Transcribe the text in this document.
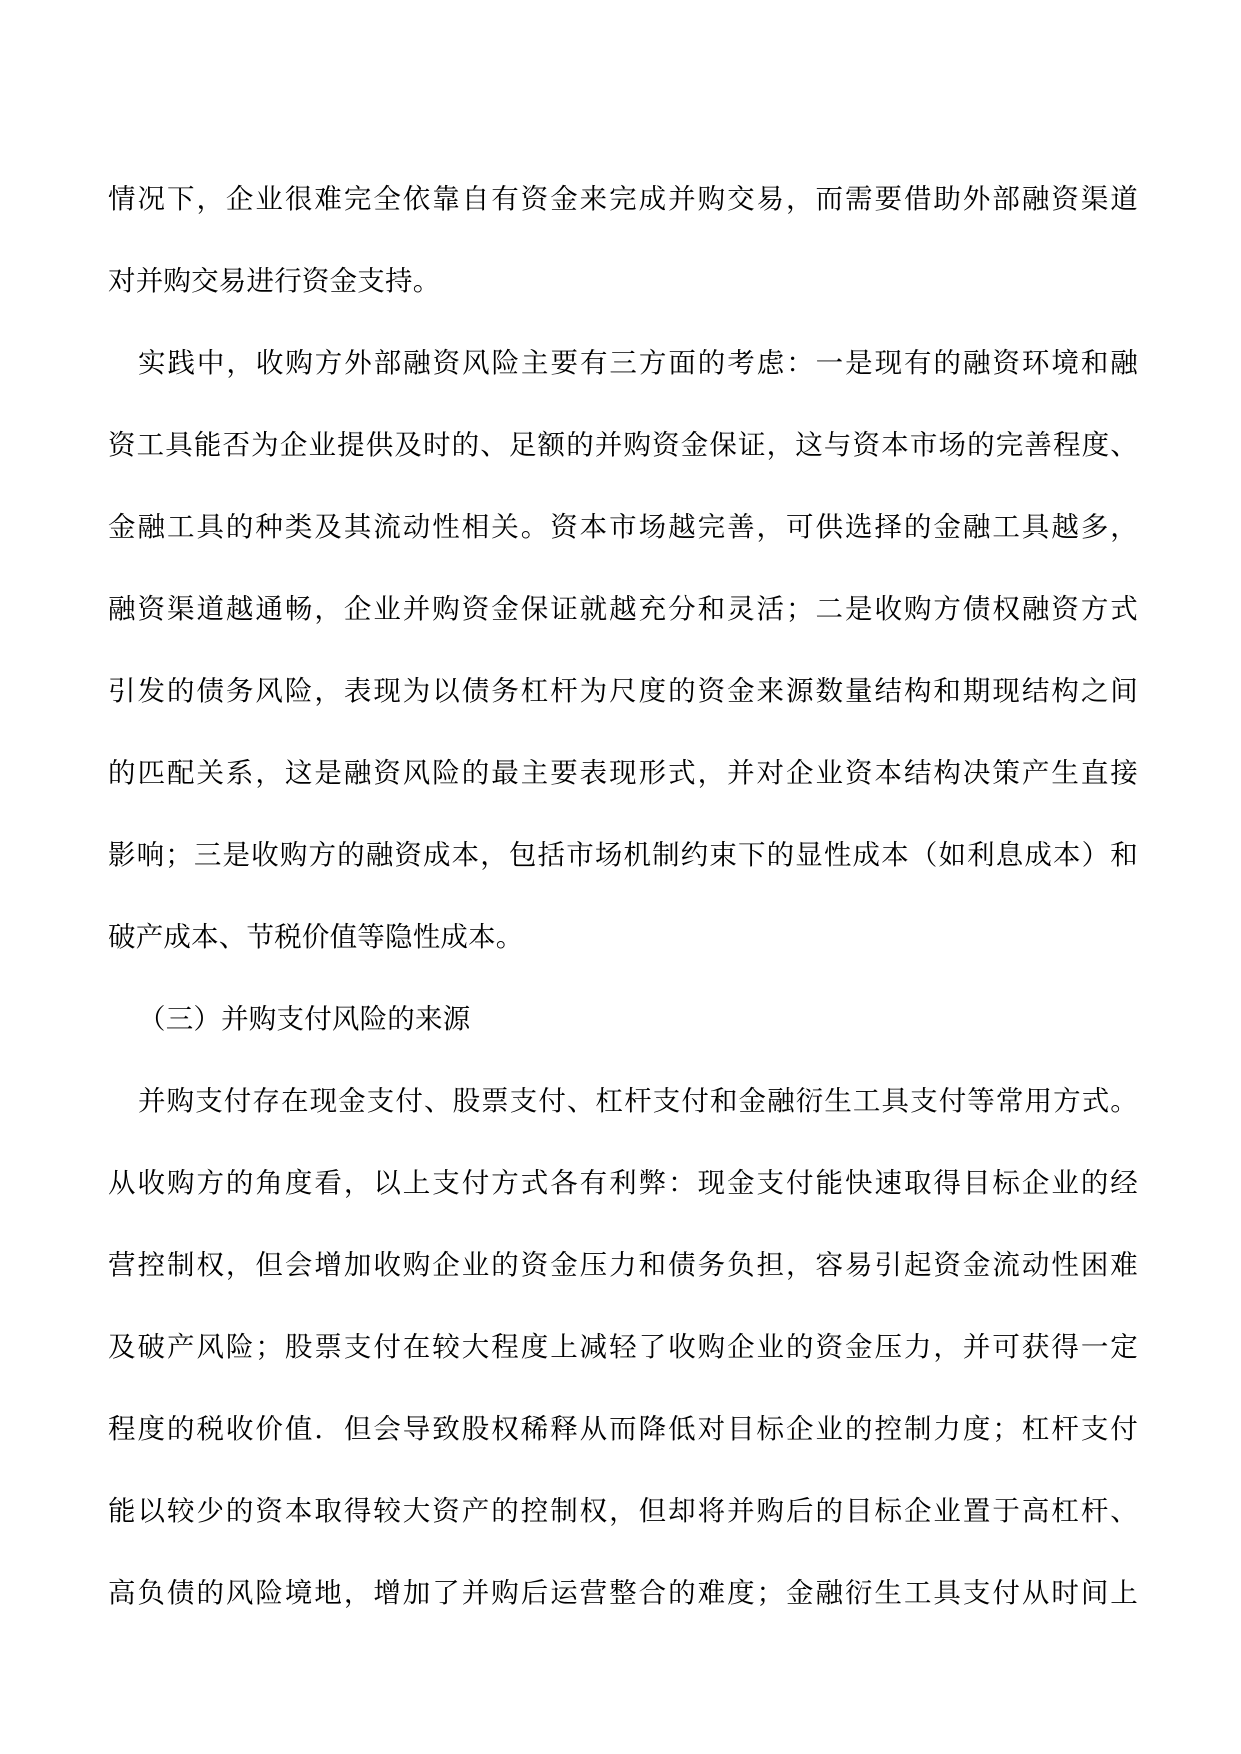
情况下，企业很难完全依靠自有资金来完成并购交易，而需要借助外部融资渠道
对并购交易进行资金支持。
实践中，收购方外部融资风险主要有三方面的考虑：一是现有的融资环境和融
资工具能否为企业提供及时的、足额的并购资金保证，这与资本市场的完善程度、
金融工具的种类及其流动性相关。资本市场越完善，可供选择的金融工具越多，
融资渠道越通畅，企业并购资金保证就越充分和灵活；二是收购方债权融资方式
引发的债务风险，表现为以债务杠杆为尺度的资金来源数量结构和期现结构之间
的匹配关系，这是融资风险的最主要表现形式，并对企业资本结构决策产生直接
影响；三是收购方的融资成本，包括市场机制约束下的显性成本（如利息成本）和
破产成本、节税价值等隐性成本。
（三）并购支付风险的来源
并购支付存在现金支付、股票支付、杠杆支付和金融衍生工具支付等常用方式。
从收购方的角度看，以上支付方式各有利弊：现金支付能快速取得目标企业的经
营控制权，但会增加收购企业的资金压力和债务负担，容易引起资金流动性困难
及破产风险；股票支付在较大程度上减轻了收购企业的资金压力，并可获得一定
程度的税收价值．但会导致股权稀释从而降低对目标企业的控制力度；杠杆支付
能以较少的资本取得较大资产的控制权，但却将并购后的目标企业置于高杠杆、
高负债的风险境地，增加了并购后运营整合的难度；金融衍生工具支付从时间上
